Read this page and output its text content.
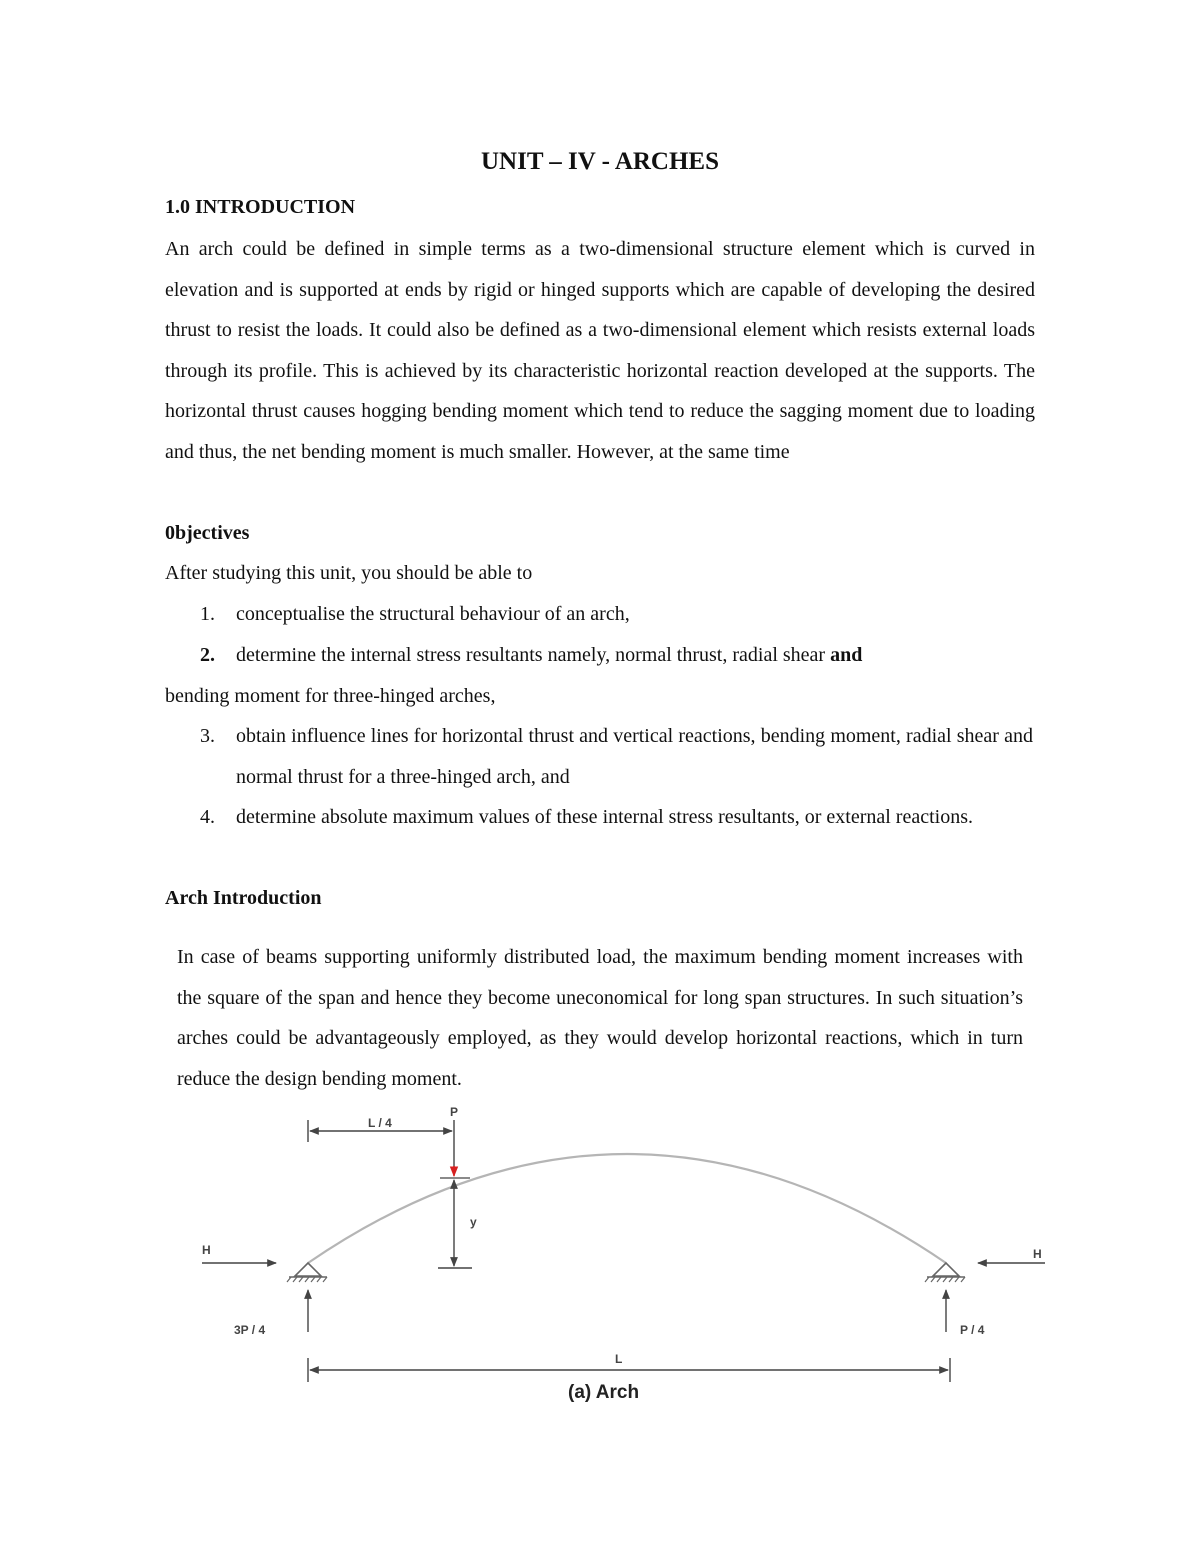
UNIT – IV - ARCHES
1.0 INTRODUCTION
An arch could be defined in simple terms as a two-dimensional structure element which is curved in elevation and is supported at ends by rigid or hinged supports which are capable of developing the desired thrust to resist the loads. It could also be defined as a two-dimensional element which resists external loads through its profile. This is achieved by its characteristic horizontal reaction developed at the supports. The horizontal thrust causes hogging bending moment which tend to reduce the sagging moment due to loading and thus, the net bending moment is much smaller. However, at the same time
0bjectives
After studying this unit, you should be able to
1. conceptualise the structural behaviour of an arch,
2. determine the internal stress resultants namely, normal thrust, radial shear and
bending moment for three-hinged arches,
3. obtain influence lines for horizontal thrust and vertical reactions, bending moment, radial shear and normal thrust for a three-hinged arch, and
4. determine absolute maximum values of these internal stress resultants, or external reactions.
Arch Introduction
In case of beams supporting uniformly distributed load, the maximum bending moment increases with the square of the span and hence they become uneconomical for long span structures. In such situation’s arches could be advantageously employed, as they would develop horizontal reactions, which in turn reduce the design bending moment.
L / 4
P
y
H	H
3P / 4	P / 4
L
(a) Arch
